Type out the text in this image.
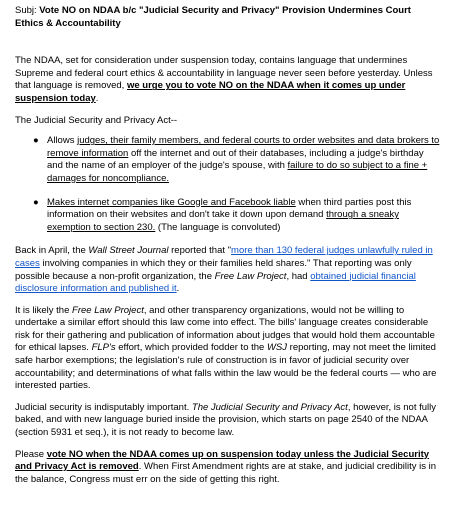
Subj: Vote NO on NDAA b/c "Judicial Security and Privacy" Provision Undermines Court Ethics & Accountability

The NDAA, set for consideration under suspension today, contains language that undermines Supreme and federal court ethics & accountability in language never seen before yesterday. Unless that language is removed, we urge you to vote NO on the NDAA when it comes up under suspension today.

The Judicial Security and Privacy Act--

● Allows judges, their family members, and federal courts to order websites and data brokers to remove information off the internet and out of their databases, including a judge's birthday and the name of an employer of the judge's spouse, with failure to do so subject to a fine + damages for noncompliance.
● Makes internet companies like Google and Facebook liable when third parties post this information on their websites and don't take it down upon demand through a sneaky exemption to section 230. (The language is convoluted)

Back in April, the Wall Street Journal reported that "more than 130 federal judges unlawfully ruled in cases involving companies in which they or their families held shares." That reporting was only possible because a non-profit organization, the Free Law Project, had obtained judicial financial disclosure information and published it.

It is likely the Free Law Project, and other transparency organizations, would not be willing to undertake a similar effort should this law come into effect. The bills' language creates considerable risk for their gathering and publication of information about judges that would hold them accountable for ethical lapses. FLP's effort, which provided fodder to the WSJ reporting, may not meet the limited safe harbor exemptions; the legislation's rule of construction is in favor of judicial security over accountability; and determinations of what falls within the law would be the federal courts — who are interested parties.

Judicial security is indisputably important. The Judicial Security and Privacy Act, however, is not fully baked, and with new language buried inside the provision, which starts on page 2540 of the NDAA (section 5931 et seq.), it is not ready to become law.

Please vote NO when the NDAA comes up on suspension today unless the Judicial Security and Privacy Act is removed. When First Amendment rights are at stake, and judicial credibility is in the balance, Congress must err on the side of getting this right.
